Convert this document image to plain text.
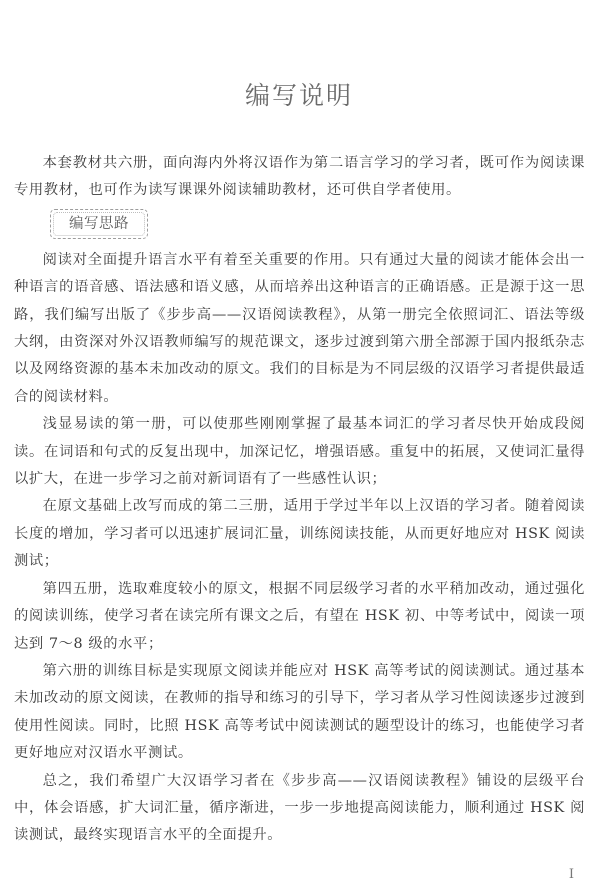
编写说明

本套教材共六册，面向海内外将汉语作为第二语言学习的学习者，既可作为阅读课专用教材，也可作为读写课课外阅读辅助教材，还可供自学者使用。

编写思路

阅读对全面提升语言水平有着至关重要的作用。只有通过大量的阅读才能体会出一种语言的语音感、语法感和语义感，从而培养出这种语言的正确语感。正是源于这一思路，我们编写出版了《步步高——汉语阅读教程》，从第一册完全依照词汇、语法等级大纲，由资深对外汉语教师编写的规范课文，逐步过渡到第六册全部源于国内报纸杂志以及网络资源的基本未加改动的原文。我们的目标是为不同层级的汉语学习者提供最适合的阅读材料。

浅显易读的第一册，可以使那些刚刚掌握了最基本词汇的学习者尽快开始成段阅读。在词语和句式的反复出现中，加深记忆，增强语感。重复中的拓展，又使词汇量得以扩大，在进一步学习之前对新词语有了一些感性认识；

在原文基础上改写而成的第二三册，适用于学过半年以上汉语的学习者。随着阅读长度的增加，学习者可以迅速扩展词汇量，训练阅读技能，从而更好地应对 HSK 阅读测试；

第四五册，选取难度较小的原文，根据不同层级学习者的水平稍加改动，通过强化的阅读训练，使学习者在读完所有课文之后，有望在 HSK 初、中等考试中，阅读一项达到 7～8 级的水平；

第六册的训练目标是实现原文阅读并能应对 HSK 高等考试的阅读测试。通过基本未加改动的原文阅读，在教师的指导和练习的引导下，学习者从学习性阅读逐步过渡到使用性阅读。同时，比照 HSK 高等考试中阅读测试的题型设计的练习，也能使学习者更好地应对汉语水平测试。

总之，我们希望广大汉语学习者在《步步高——汉语阅读教程》铺设的层级平台中，体会语感，扩大词汇量，循序渐进，一步一步地提高阅读能力，顺利通过 HSK 阅读测试，最终实现语言水平的全面提升。

I
